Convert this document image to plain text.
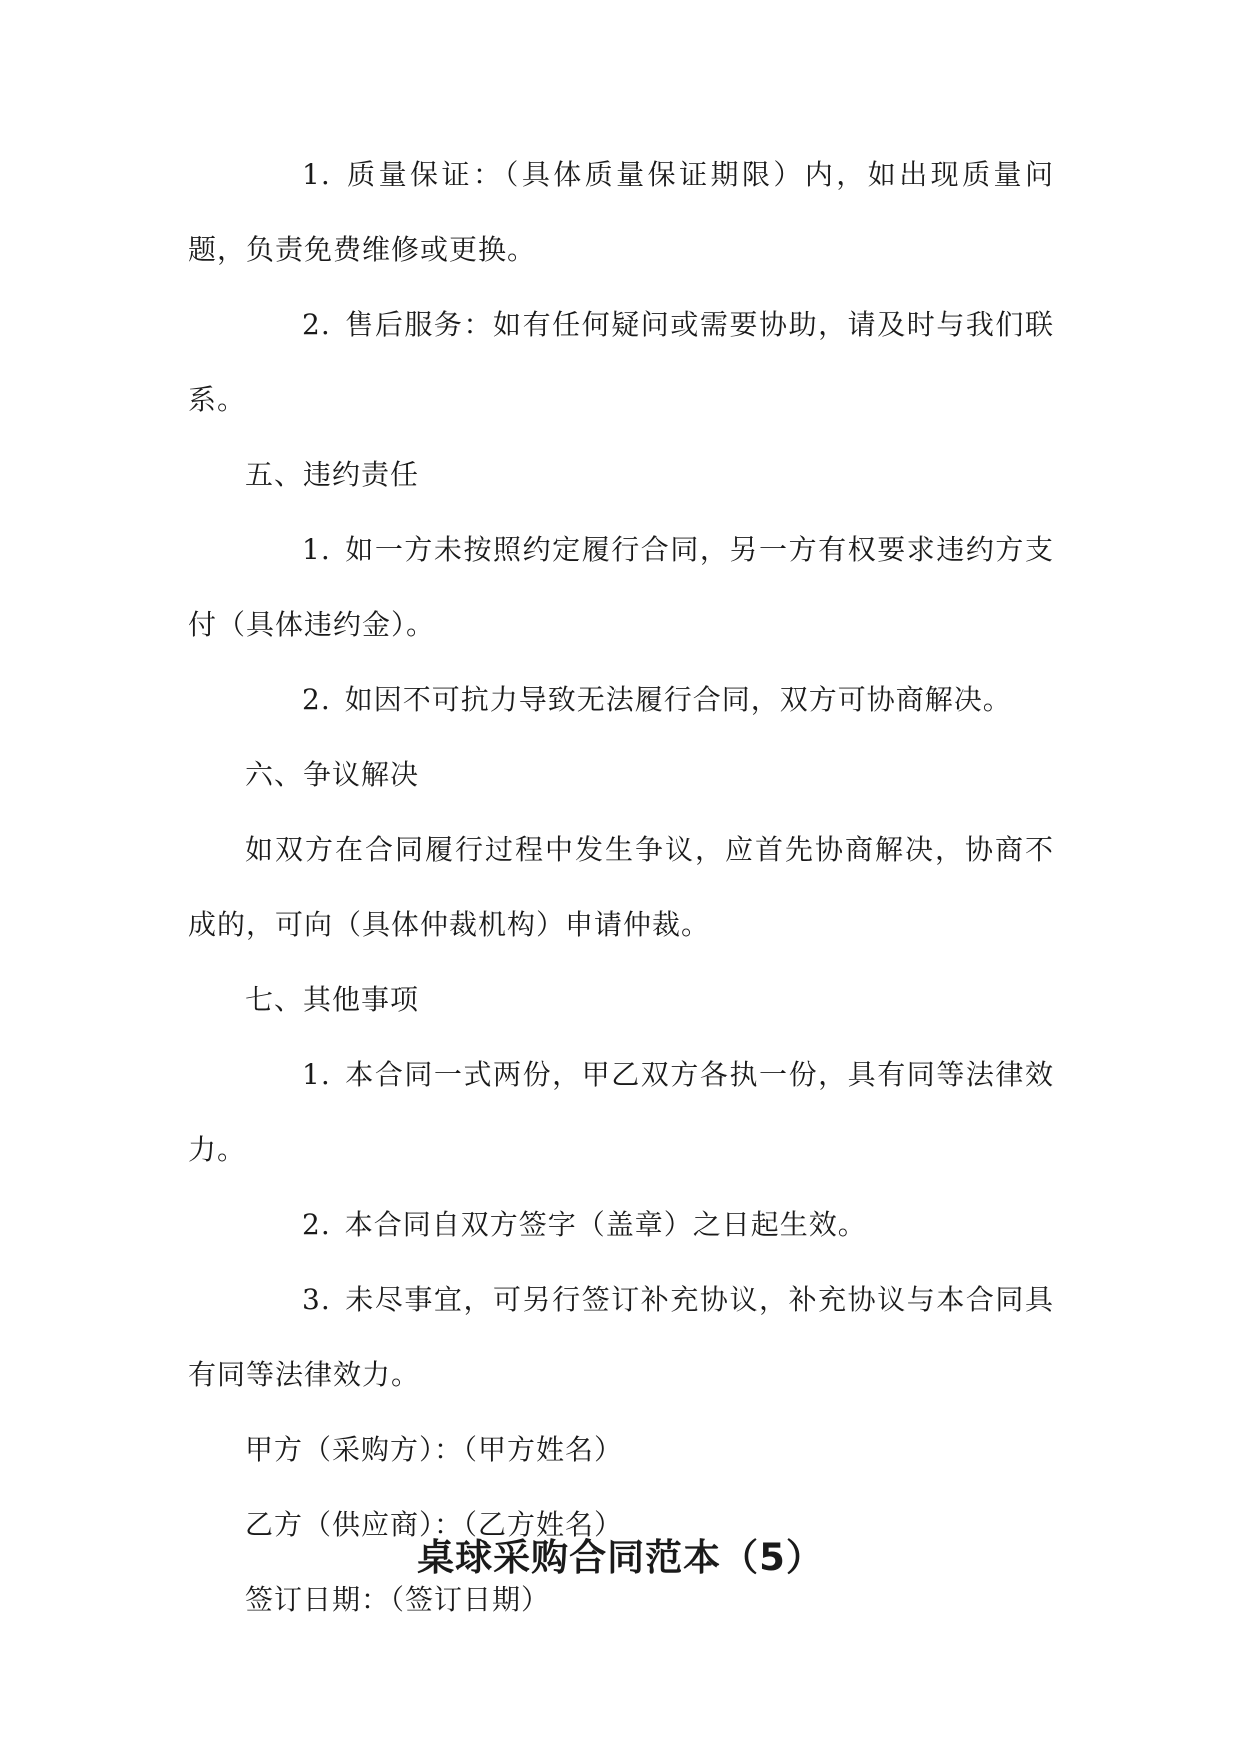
1. 质量保证：（具体质量保证期限）内，如出现质量问题，负责免费维修或更换。

2. 售后服务：如有任何疑问或需要协助，请及时与我们联系。

五、违约责任

1. 如一方未按照约定履行合同，另一方有权要求违约方支付（具体违约金）。

2. 如因不可抗力导致无法履行合同，双方可协商解决。

六、争议解决

如双方在合同履行过程中发生争议，应首先协商解决，协商不成的，可向（具体仲裁机构）申请仲裁。

七、其他事项

1. 本合同一式两份，甲乙双方各执一份，具有同等法律效力。

2. 本合同自双方签字（盖章）之日起生效。

3. 未尽事宜，可另行签订补充协议，补充协议与本合同具有同等法律效力。

甲方（采购方）：（甲方姓名）

乙方（供应商）：（乙方姓名）

签订日期：（签订日期）

桌球采购合同范本（5）
